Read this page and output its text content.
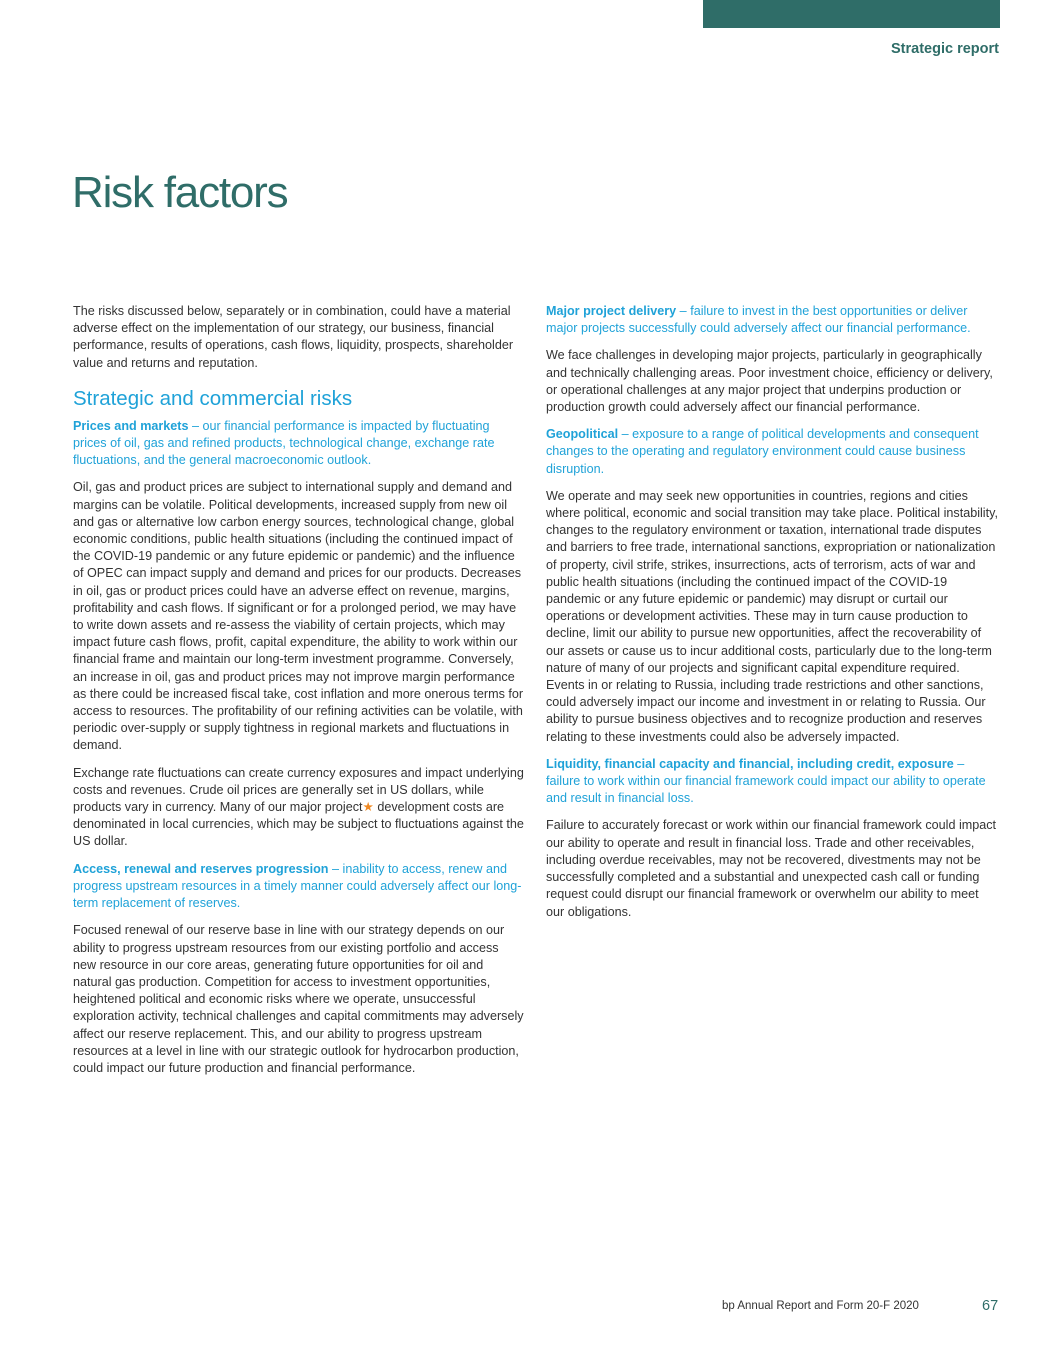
Strategic report
Risk factors

The risks discussed below, separately or in combination, could have a material adverse effect on the implementation of our strategy, our business, financial performance, results of operations, cash flows, liquidity, prospects, shareholder value and returns and reputation.

Strategic and commercial risks

Prices and markets – our financial performance is impacted by fluctuating prices of oil, gas and refined products, technological change, exchange rate fluctuations, and the general macroeconomic outlook.

Oil, gas and product prices are subject to international supply and demand and margins can be volatile. Political developments, increased supply from new oil and gas or alternative low carbon energy sources, technological change, global economic conditions, public health situations (including the continued impact of the COVID-19 pandemic or any future epidemic or pandemic) and the influence of OPEC can impact supply and demand and prices for our products. Decreases in oil, gas or product prices could have an adverse effect on revenue, margins, profitability and cash flows. If significant or for a prolonged period, we may have to write down assets and re-assess the viability of certain projects, which may impact future cash flows, profit, capital expenditure, the ability to work within our financial frame and maintain our long-term investment programme. Conversely, an increase in oil, gas and product prices may not improve margin performance as there could be increased fiscal take, cost inflation and more onerous terms for access to resources. The profitability of our refining activities can be volatile, with periodic over-supply or supply tightness in regional markets and fluctuations in demand.

Exchange rate fluctuations can create currency exposures and impact underlying costs and revenues. Crude oil prices are generally set in US dollars, while products vary in currency. Many of our major project★ development costs are denominated in local currencies, which may be subject to fluctuations against the US dollar.

Access, renewal and reserves progression – inability to access, renew and progress upstream resources in a timely manner could adversely affect our long-term replacement of reserves.

Focused renewal of our reserve base in line with our strategy depends on our ability to progress upstream resources from our existing portfolio and access new resource in our core areas, generating future opportunities for oil and natural gas production. Competition for access to investment opportunities, heightened political and economic risks where we operate, unsuccessful exploration activity, technical challenges and capital commitments may adversely affect our reserve replacement. This, and our ability to progress upstream resources at a level in line with our strategic outlook for hydrocarbon production, could impact our future production and financial performance.

Major project delivery – failure to invest in the best opportunities or deliver major projects successfully could adversely affect our financial performance.

We face challenges in developing major projects, particularly in geographically and technically challenging areas. Poor investment choice, efficiency or delivery, or operational challenges at any major project that underpins production or production growth could adversely affect our financial performance.

Geopolitical – exposure to a range of political developments and consequent changes to the operating and regulatory environment could cause business disruption.

We operate and may seek new opportunities in countries, regions and cities where political, economic and social transition may take place. Political instability, changes to the regulatory environment or taxation, international trade disputes and barriers to free trade, international sanctions, expropriation or nationalization of property, civil strife, strikes, insurrections, acts of terrorism, acts of war and public health situations (including the continued impact of the COVID-19 pandemic or any future epidemic or pandemic) may disrupt or curtail our operations or development activities. These may in turn cause production to decline, limit our ability to pursue new opportunities, affect the recoverability of our assets or cause us to incur additional costs, particularly due to the long-term nature of many of our projects and significant capital expenditure required. Events in or relating to Russia, including trade restrictions and other sanctions, could adversely impact our income and investment in or relating to Russia. Our ability to pursue business objectives and to recognize production and reserves relating to these investments could also be adversely impacted.

Liquidity, financial capacity and financial, including credit, exposure – failure to work within our financial framework could impact our ability to operate and result in financial loss.

Failure to accurately forecast or work within our financial framework could impact our ability to operate and result in financial loss. Trade and other receivables, including overdue receivables, may not be recovered, divestments may not be successfully completed and a substantial and unexpected cash call or funding request could disrupt our financial framework or overwhelm our ability to meet our obligations.

bp Annual Report and Form 20-F 2020	67
